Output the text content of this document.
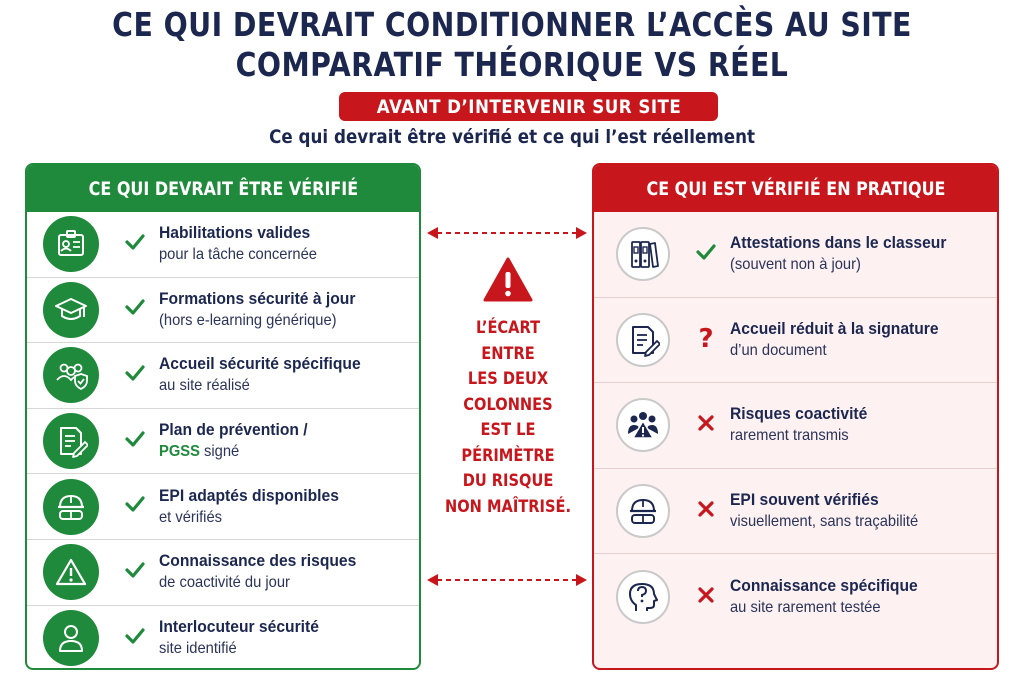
CE QUI DEVRAIT CONDITIONNER L’ACCÈS AU SITE
COMPARATIF THÉORIQUE VS RÉEL
AVANT D’INTERVENIR SUR SITE
Ce qui devrait être vérifié et ce qui l’est réellement
CE QUI DEVRAIT ÊTRE VÉRIFIÉ
Habilitations valides
pour la tâche concernée
Formations sécurité à jour
(hors e-learning générique)
Accueil sécurité spécifique
au site réalisé
Plan de prévention /
PGSS signé
EPI adaptés disponibles
et vérifiés
Connaissance des risques
de coactivité du jour
Interlocuteur sécurité
site identifié
CE QUI EST VÉRIFIÉ EN PRATIQUE
Attestations dans le classeur
(souvent non à jour)
? Accueil réduit à la signature
d’un document
Risques coactivité
rarement transmis
EPI souvent vérifiés
visuellement, sans traçabilité
Connaissance spécifique
au site rarement testée
L’ÉCART
ENTRE
LES DEUX
COLONNES
EST LE
PÉRIMÈTRE
DU RISQUE
NON MAÎTRISÉ.
